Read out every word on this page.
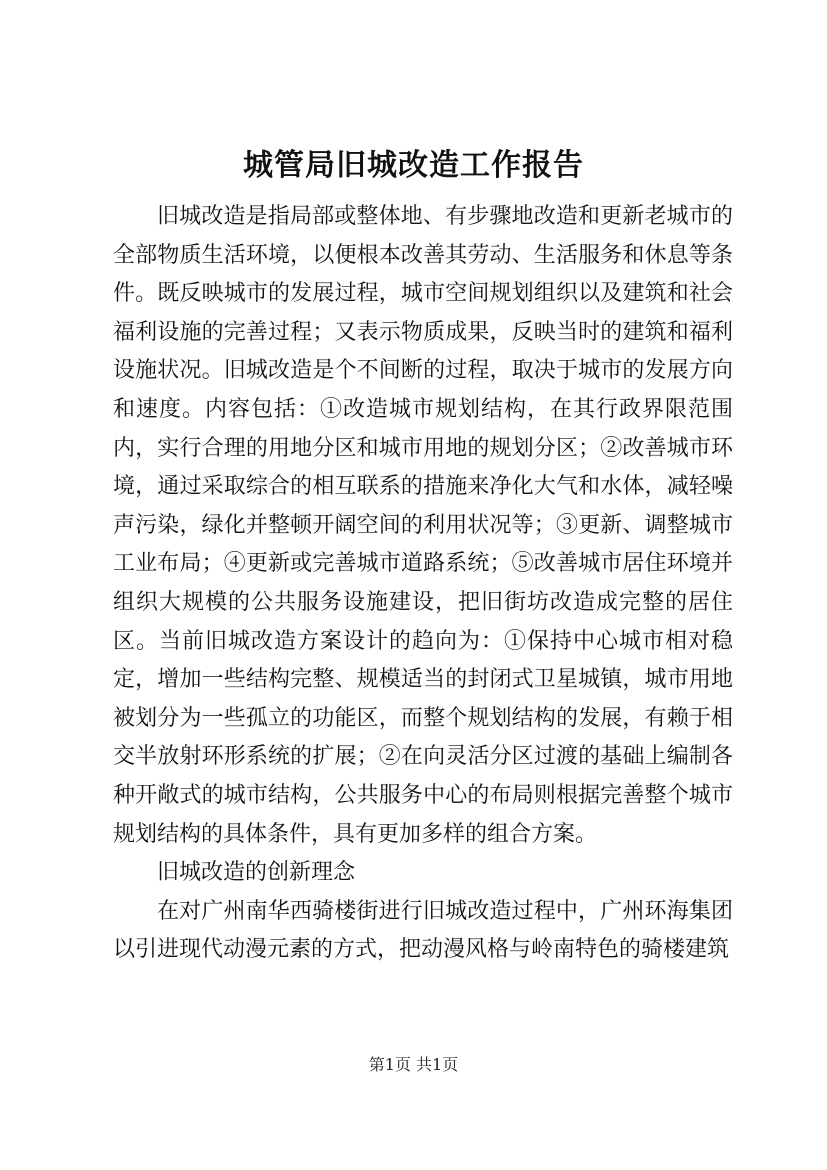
城管局旧城改造工作报告

旧城改造是指局部或整体地、有步骤地改造和更新老城市的全部物质生活环境，以便根本改善其劳动、生活服务和休息等条件。既反映城市的发展过程，城市空间规划组织以及建筑和社会福利设施的完善过程；又表示物质成果，反映当时的建筑和福利设施状况。旧城改造是个不间断的过程，取决于城市的发展方向和速度。内容包括：①改造城市规划结构，在其行政界限范围内，实行合理的用地分区和城市用地的规划分区；②改善城市环境，通过采取综合的相互联系的措施来净化大气和水体，减轻噪声污染，绿化并整顿开阔空间的利用状况等；③更新、调整城市工业布局；④更新或完善城市道路系统；⑤改善城市居住环境并组织大规模的公共服务设施建设，把旧街坊改造成完整的居住区。当前旧城改造方案设计的趋向为：①保持中心城市相对稳定，增加一些结构完整、规模适当的封闭式卫星城镇，城市用地被划分为一些孤立的功能区，而整个规划结构的发展，有赖于相交半放射环形系统的扩展；②在向灵活分区过渡的基础上编制各种开敞式的城市结构，公共服务中心的布局则根据完善整个城市规划结构的具体条件，具有更加多样的组合方案。

旧城改造的创新理念

在对广州南华西骑楼街进行旧城改造过程中，广州环海集团以引进现代动漫元素的方式，把动漫风格与岭南特色的骑楼建筑

第1页 共1页
